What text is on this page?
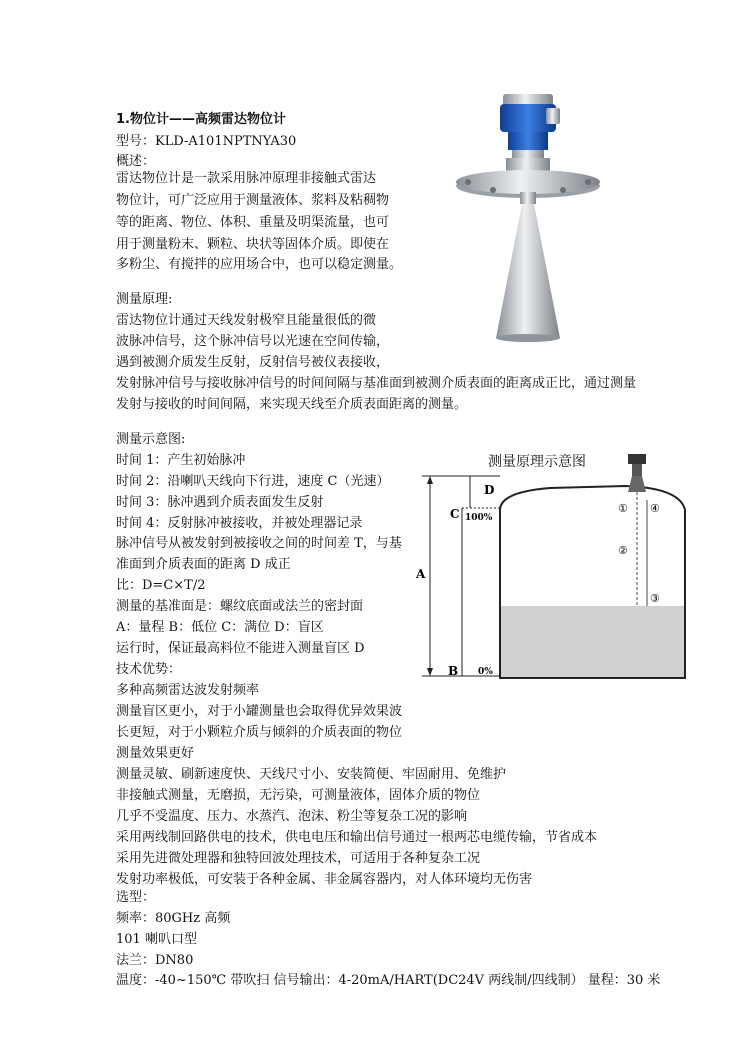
1.物位计——高频雷达物位计
型号：KLD-A101NPTNYA30
概述：
雷达物位计是一款采用脉冲原理非接触式雷达
物位计，可广泛应用于测量液体、浆料及粘稠物
等的距离、物位、体积、重量及明渠流量，也可
用于测量粉末、颗粒、块状等固体介质。即使在
多粉尘、有搅拌的应用场合中，也可以稳定测量。
测量原理:
雷达物位计通过天线发射极窄且能量很低的微
波脉冲信号，这个脉冲信号以光速在空间传输，
遇到被测介质发生反射，反射信号被仪表接收，
发射脉冲信号与接收脉冲信号的时间间隔与基准面到被测介质表面的距离成正比，通过测量
发射与接收的时间间隔，来实现天线至介质表面距离的测量。
测量示意图:
时间 1：产生初始脉冲
时间 2：沿喇叭天线向下行进，速度 C（光速）
时间 3：脉冲遇到介质表面发生反射
时间 4：反射脉冲被接收，并被处理器记录
脉冲信号从被发射到被接收之间的时间差 T，与基
准面到介质表面的距离 D 成正
比：D=C×T/2
测量的基准面是：螺纹底面或法兰的密封面
A：量程 B：低位 C：满位 D：盲区
运行时，保证最高料位不能进入测量盲区 D
技术优势：
多种高频雷达波发射频率
测量盲区更小，对于小罐测量也会取得优异效果波
长更短，对于小颗粒介质与倾斜的介质表面的物位
测量效果更好
测量灵敏、刷新速度快、天线尺寸小、安装简便、牢固耐用、免维护
非接触式测量，无磨损，无污染，可测量液体，固体介质的物位
几乎不受温度、压力、水蒸汽、泡沫、粉尘等复杂工况的影响
采用两线制回路供电的技术，供电电压和输出信号通过一根两芯电缆传输，节省成本
采用先进微处理器和独特回波处理技术，可适用于各种复杂工况
发射功率极低，可安装于各种金属、非金属容器内，对人体环境均无伤害
选型：
频率：80GHz 高频
101 喇叭口型
法兰：DN80
温度：-40~150℃ 带吹扫 信号输出：4-20mA/HART(DC24V 两线制/四线制） 量程：30 米
测量原理示意图
A
D
C 100%
B 0%
① ④
②
③
